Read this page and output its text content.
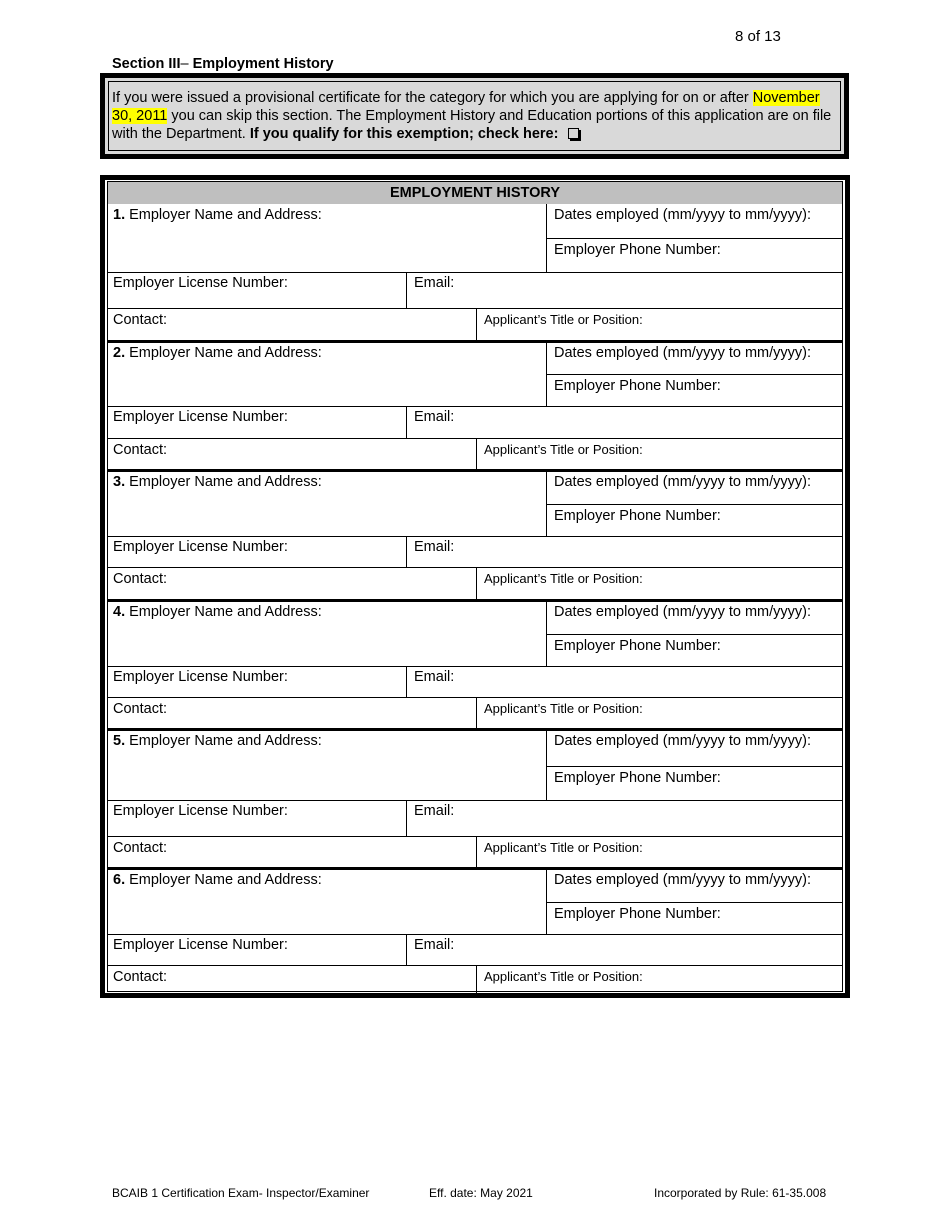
8 of 13
Section III– Employment History
If you were issued a provisional certificate for the category for which you are applying for on or after November 30, 2011 you can skip this section. The Employment History and Education portions of this application are on file with the Department. If you qualify for this exemption; check here:
EMPLOYMENT HISTORY
1. Employer Name and Address:	Dates employed (mm/yyyy to mm/yyyy):
Employer Phone Number:
Employer License Number:	Email:
Contact:	Applicant’s Title or Position:
2. Employer Name and Address:	Dates employed (mm/yyyy to mm/yyyy):
Employer Phone Number:
Employer License Number:	Email:
Contact:	Applicant’s Title or Position:
3. Employer Name and Address:	Dates employed (mm/yyyy to mm/yyyy):
Employer Phone Number:
Employer License Number:	Email:
Contact:	Applicant’s Title or Position:
4. Employer Name and Address:	Dates employed (mm/yyyy to mm/yyyy):
Employer Phone Number:
Employer License Number:	Email:
Contact:	Applicant’s Title or Position:
5. Employer Name and Address:	Dates employed (mm/yyyy to mm/yyyy):
Employer Phone Number:
Employer License Number:	Email:
Contact:	Applicant’s Title or Position:
6. Employer Name and Address:	Dates employed (mm/yyyy to mm/yyyy):
Employer Phone Number:
Employer License Number:	Email:
Contact:	Applicant’s Title or Position:
BCAIB 1 Certification Exam- Inspector/Examiner	Eff. date: May 2021	Incorporated by Rule: 61-35.008
